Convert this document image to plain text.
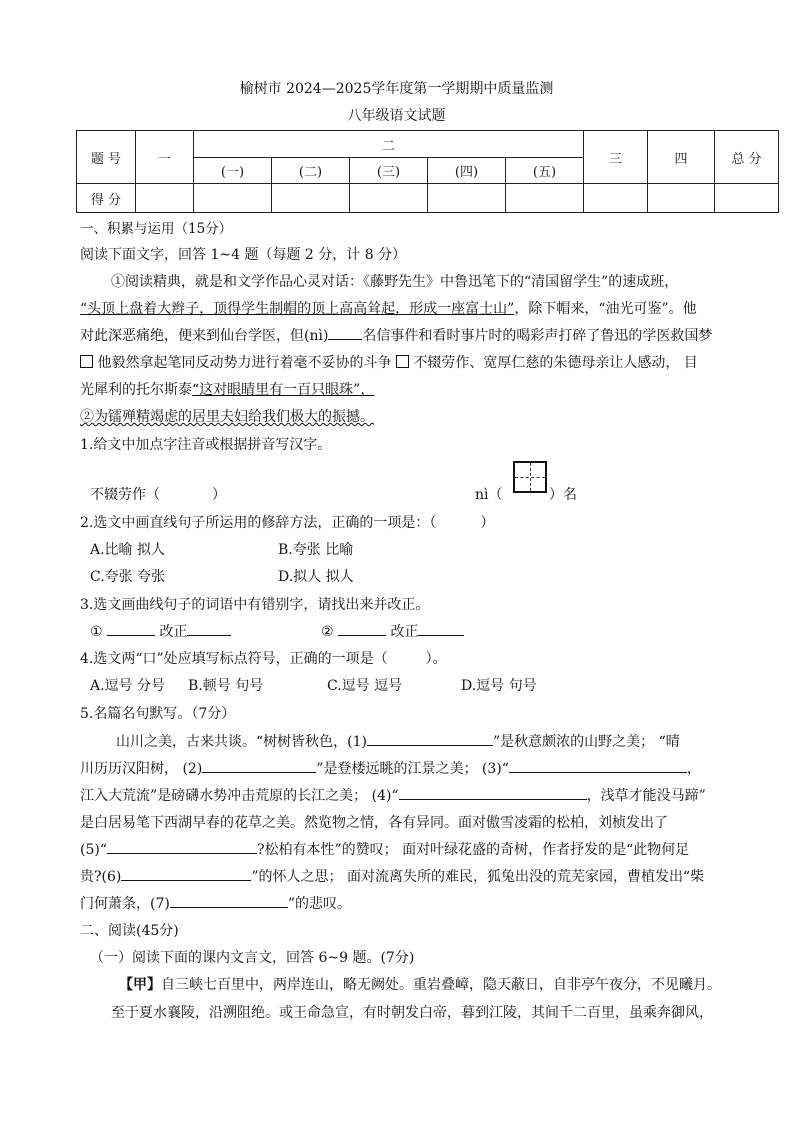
榆树市 2024—2025学年度第一学期期中质量监测
八年级语文试题
题 号	一	二					三	四	总 分
		(一)	(二)	(三)	(四)	(五)			
得 分									
一、积累与运用（15分）
阅读下面文字，回答 1~4 题（每题 2 分，计 8 分）
①阅读精典，就是和文学作品心灵对话：《藤野先生》中鲁迅笔下的“清国留学生”的速成班，
“头顶上盘着大辫子，顶得学生制帽的顶上高高耸起，形成一座富士山”，除下帽来，“油光可鉴”。他
对此深恶痛绝，便来到仙台学医，但(nì) 名信事件和看时事片时的喝彩声打碎了鲁迅的学医救国梦
他毅然拿起笔同反动势力进行着毫不妥协的斗争 不辍劳作、宽厚仁慈的朱德母亲让人感动， 目
光犀利的托尔斯泰“这对眼睛里有一百只眼珠”，
②为镭殚精竭虑的居里夫妇给我们极大的振撼。
1.给文中加点字注音或根据拼音写汉字。
不辍劳作（	）	nì（	）名
2.选文中画直线句子所运用的修辞方法，正确的一项是：（	）
A.比喻 拟人	B.夸张 比喻
C.夸张 夸张	D.拟人 拟人
3.选文画曲线句子的词语中有错别字，请找出来并改正。
①	改正	②	改正
4.选文两“口”处应填写标点符号，正确的一项是（	）。
A.逗号 分号 B.顿号 句号	C.逗号 逗号	D.逗号 句号
5.名篇名句默写。（7分）
山川之美，古来共谈。“树树皆秋色，(1)	”是秋意颇浓的山野之美； “晴
川历历汉阳树， (2)	”是登楼远眺的江景之美； (3)“	，
江入大荒流”是磅礴水势冲击荒原的长江之美； (4)“	，浅草才能没马蹄”
是白居易笔下西湖早春的花草之美。然览物之情，各有异同。面对傲雪凌霜的松柏，刘桢发出了
(5)“	?松柏有本性”的赞叹； 面对叶绿花盛的奇树，作者抒发的是“此物何足
贵?(6)	”的怀人之思； 面对流离失所的难民，狐兔出没的荒芜家园，曹植发出“柴
门何萧条，(7)	”的悲叹。
二、阅读(45分)
（一）阅读下面的课内文言文，回答 6~9 题。(7分)
【甲】自三峡七百里中，两岸连山，略无阙处。重岩叠嶂，隐天蔽日，自非亭午夜分，不见曦月。
至于夏水襄陵，沿溯阻绝。或王命急宣，有时朝发白帝，暮到江陵，其间千二百里，虽乘奔御风，
